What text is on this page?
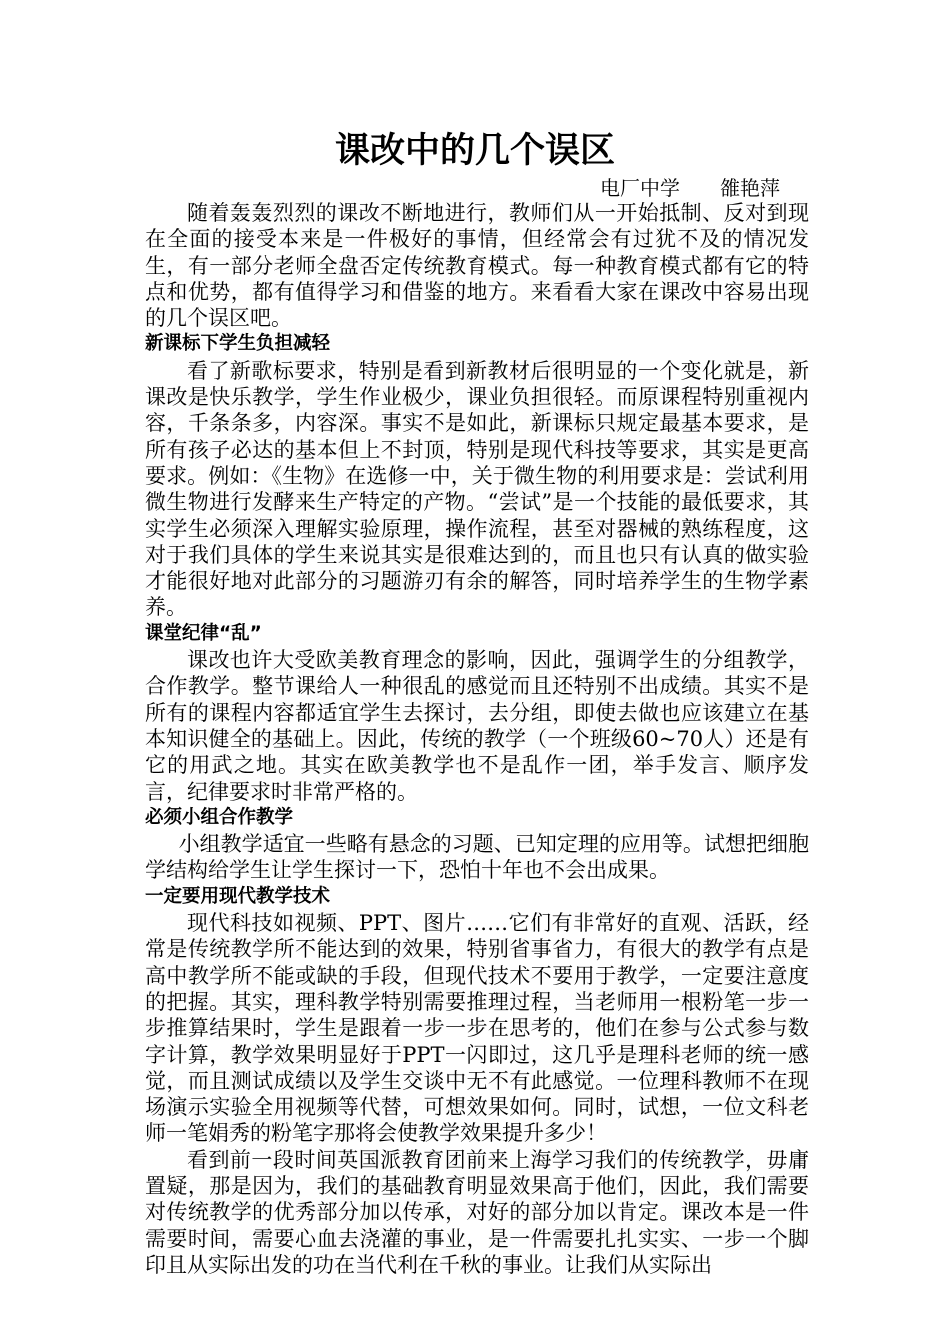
课改中的几个误区
电厂中学　　雒艳萍

随着轰轰烈烈的课改不断地进行，教师们从一开始抵制、反对到现在全面的接受本来是一件极好的事情，但经常会有过犹不及的情况发生，有一部分老师全盘否定传统教育模式。每一种教育模式都有它的特点和优势，都有值得学习和借鉴的地方。来看看大家在课改中容易出现的几个误区吧。

新课标下学生负担减轻

看了新歌标要求，特别是看到新教材后很明显的一个变化就是，新课改是快乐教学，学生作业极少，课业负担很轻。而原课程特别重视内容，千条条多，内容深。事实不是如此，新课标只规定最基本要求，是所有孩子必达的基本但上不封顶，特别是现代科技等要求，其实是更高要求。例如：《生物》在选修一中，关于微生物的利用要求是：尝试利用微生物进行发酵来生产特定的产物。“尝试”是一个技能的最低要求，其实学生必须深入理解实验原理，操作流程，甚至对器械的熟练程度，这对于我们具体的学生来说其实是很难达到的，而且也只有认真的做实验才能很好地对此部分的习题游刃有余的解答，同时培养学生的生物学素养。

课堂纪律“乱”

课改也许大受欧美教育理念的影响，因此，强调学生的分组教学，合作教学。整节课给人一种很乱的感觉而且还特别不出成绩。其实不是所有的课程内容都适宜学生去探讨，去分组，即使去做也应该建立在基本知识健全的基础上。因此，传统的教学（一个班级60~70人）还是有它的用武之地。其实在欧美教学也不是乱作一团，举手发言、顺序发言，纪律要求时非常严格的。

必须小组合作教学

小组教学适宜一些略有悬念的习题、已知定理的应用等。试想把细胞学结构给学生让学生探讨一下，恐怕十年也不会出成果。

一定要用现代教学技术

现代科技如视频、PPT、图片……它们有非常好的直观、活跃，经常是传统教学所不能达到的效果，特别省事省力，有很大的教学有点是高中教学所不能或缺的手段，但现代技术不要用于教学，一定要注意度的把握。其实，理科教学特别需要推理过程，当老师用一根粉笔一步一步推算结果时，学生是跟着一步一步在思考的，他们在参与公式参与数字计算，教学效果明显好于PPT一闪即过，这几乎是理科老师的统一感觉，而且测试成绩以及学生交谈中无不有此感觉。一位理科教师不在现场演示实验全用视频等代替，可想效果如何。同时，试想，一位文科老师一笔娟秀的粉笔字那将会使教学效果提升多少！

看到前一段时间英国派教育团前来上海学习我们的传统教学，毋庸置疑，那是因为，我们的基础教育明显效果高于他们，因此，我们需要对传统教学的优秀部分加以传承，对好的部分加以肯定。课改本是一件需要时间，需要心血去浇灌的事业，是一件需要扎扎实实、一步一个脚印且从实际出发的功在当代利在千秋的事业。让我们从实际出
